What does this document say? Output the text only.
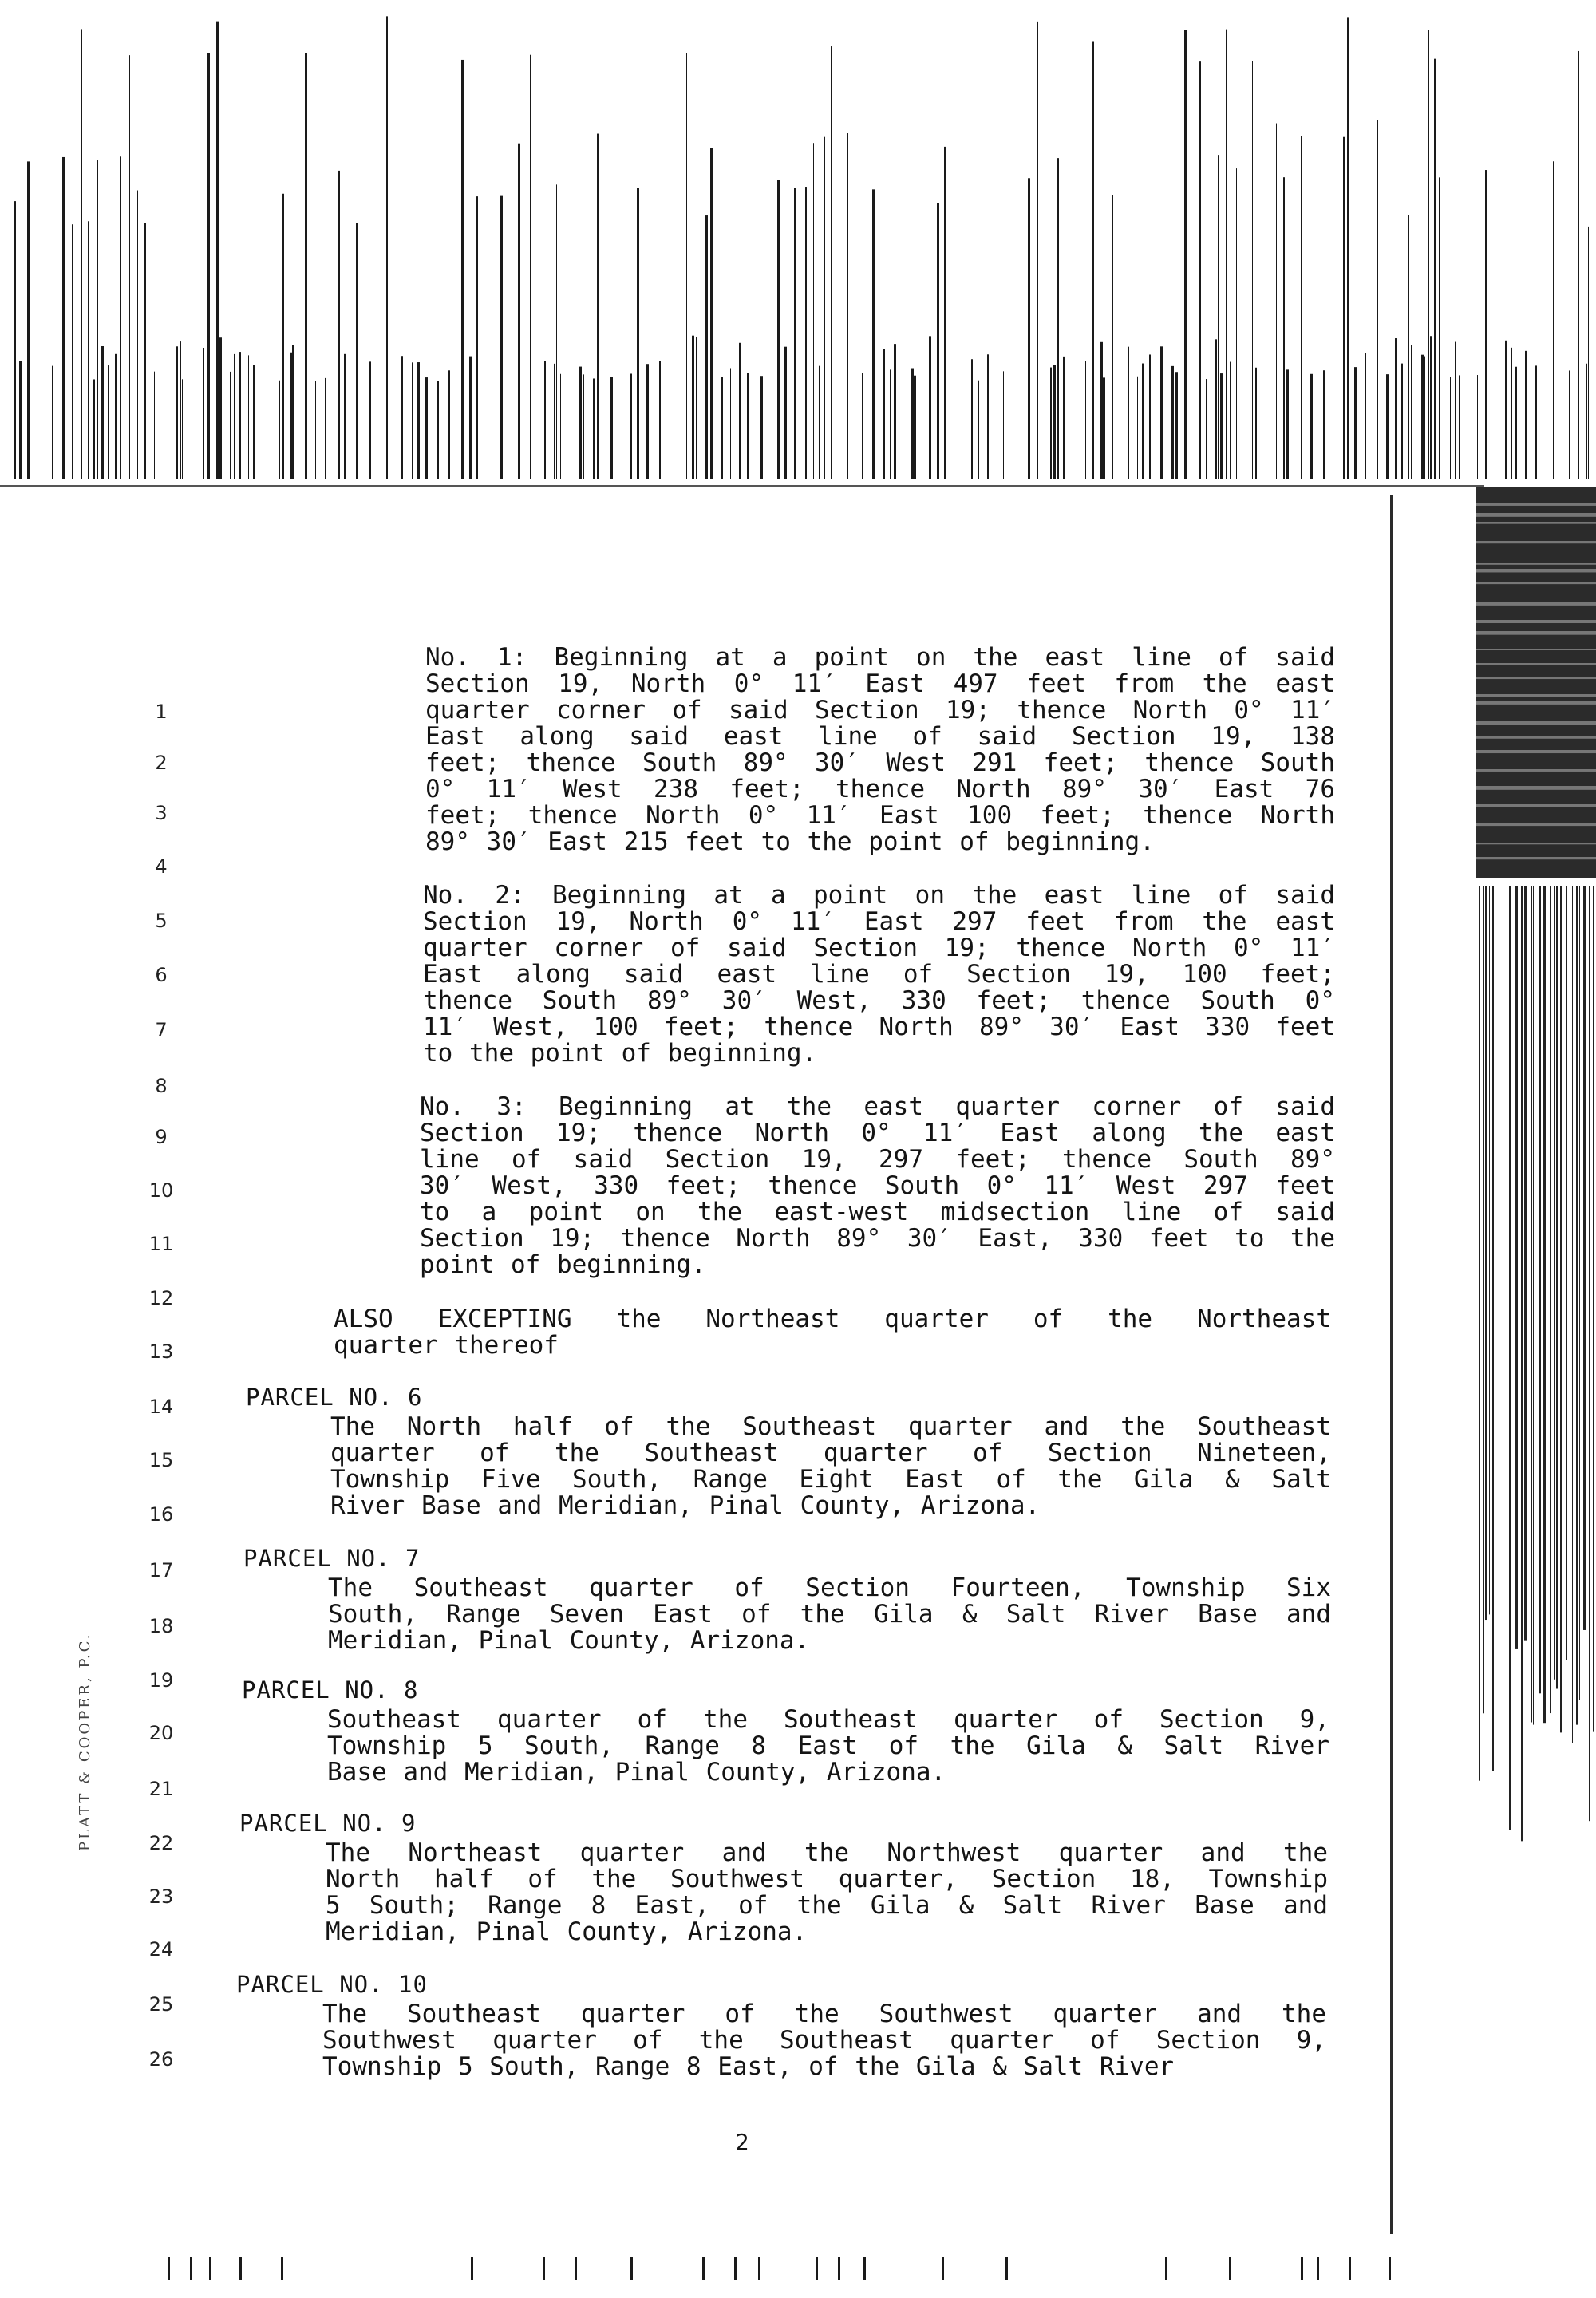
1
2
3
4
5
6
7
8
9
10
11
12
13
14
15
16
17
18
19
20
21
22
23
24
25
26
PLATT & COOPER, P.C.
No. 1: Beginning at a point on the east line of said
Section 19, North 0° 11′ East 497 feet from the east
quarter corner of said Section 19; thence North 0° 11′
East along said east line of said Section 19, 138
feet; thence South 89° 30′ West 291 feet; thence South
0° 11′ West 238 feet; thence North 89° 30′ East 76
feet; thence North 0° 11′ East 100 feet; thence North
89° 30′ East 215 feet to the point of beginning.
No. 2: Beginning at a point on the east line of said
Section 19, North 0° 11′ East 297 feet from the east
quarter corner of said Section 19; thence North 0° 11′
East along said east line of Section 19, 100 feet;
thence South 89° 30′ West, 330 feet; thence South 0°
11′ West, 100 feet; thence North 89° 30′ East 330 feet
to the point of beginning.
No. 3: Beginning at the east quarter corner of said
Section 19; thence North 0° 11′ East along the east
line of said Section 19, 297 feet; thence South 89°
30′ West, 330 feet; thence South 0° 11′ West 297 feet
to a point on the east-west midsection line of said
Section 19; thence North 89° 30′ East, 330 feet to the
point of beginning.
ALSO EXCEPTING the Northeast quarter of the Northeast
quarter thereof
PARCEL NO. 6
The North half of the Southeast quarter and the Southeast
quarter of the Southeast quarter of Section Nineteen,
Township Five South, Range Eight East of the Gila & Salt
River Base and Meridian, Pinal County, Arizona.
PARCEL NO. 7
The Southeast quarter of Section Fourteen, Township Six
South, Range Seven East of the Gila & Salt River Base and
Meridian, Pinal County, Arizona.
PARCEL NO. 8
Southeast quarter of the Southeast quarter of Section 9,
Township 5 South, Range 8 East of the Gila & Salt River
Base and Meridian, Pinal County, Arizona.
PARCEL NO. 9
The Northeast quarter and the Northwest quarter and the
North half of the Southwest quarter, Section 18, Township
5 South; Range 8 East, of the Gila & Salt River Base and
Meridian, Pinal County, Arizona.
PARCEL NO. 10
The Southeast quarter of the Southwest quarter and the
Southwest quarter of the Southeast quarter of Section 9,
Township 5 South, Range 8 East, of the Gila & Salt River
2
